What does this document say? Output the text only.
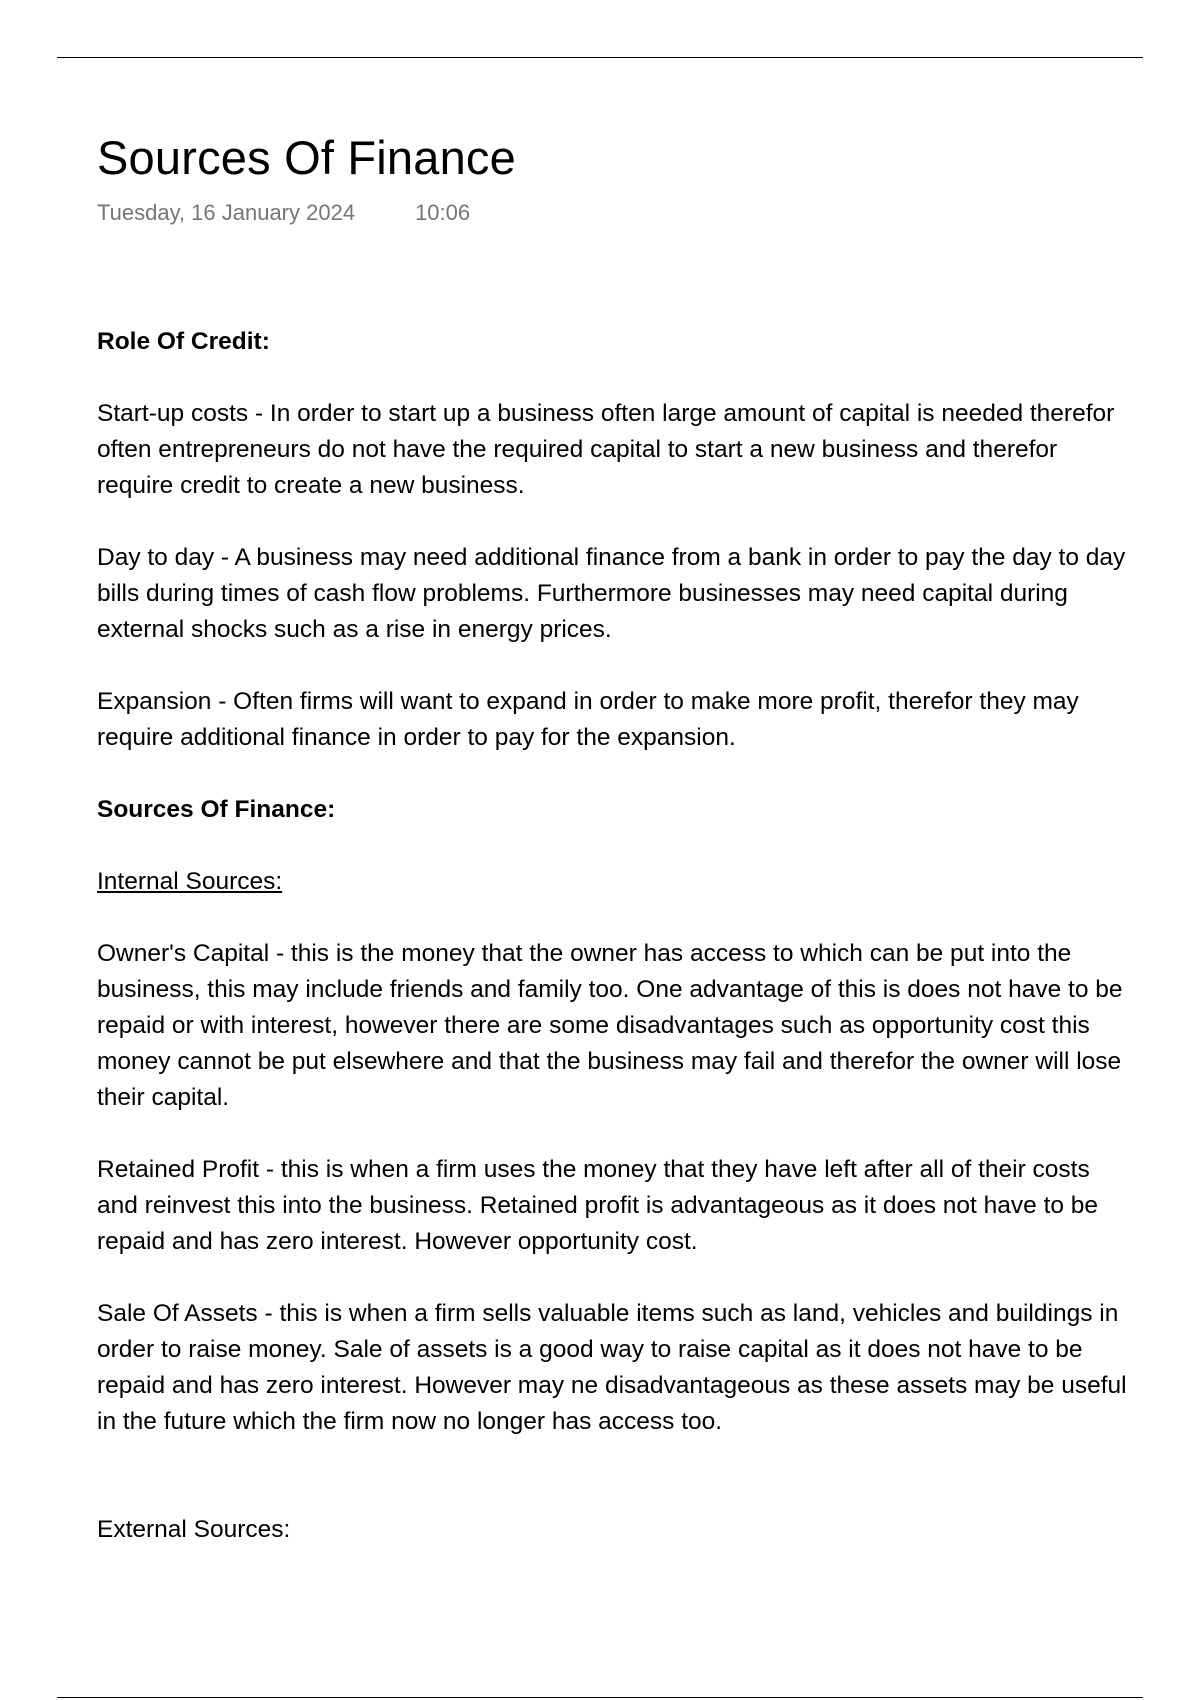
Sources Of Finance
Tuesday, 16 January 2024	10:06

Role Of Credit:

Start-up costs - In order to start up a business often large amount of capital is needed therefor often entrepreneurs do not have the required capital to start a new business and therefor require credit to create a new business.

Day to day - A business may need additional finance from a bank in order to pay the day to day bills during times of cash flow problems. Furthermore businesses may need capital during external shocks such as a rise in energy prices.

Expansion - Often firms will want to expand in order to make more profit, therefor they may require additional finance in order to pay for the expansion.

Sources Of Finance:

Internal Sources:

Owner's Capital - this is the money that the owner has access to which can be put into the business, this may include friends and family too. One advantage of this is does not have to be repaid or with interest, however there are some disadvantages such as opportunity cost this money cannot be put elsewhere and that the business may fail and therefor the owner will lose their capital.

Retained Profit - this is when a firm uses the money that they have left after all of their costs and reinvest this into the business. Retained profit is advantageous as it does not have to be repaid and has zero interest. However opportunity cost.

Sale Of Assets - this is when a firm sells valuable items such as land, vehicles and buildings in order to raise money. Sale of assets is a good way to raise capital as it does not have to be repaid and has zero interest. However may ne disadvantageous as these assets may be useful in the future which the firm now no longer has access too.

External Sources:
